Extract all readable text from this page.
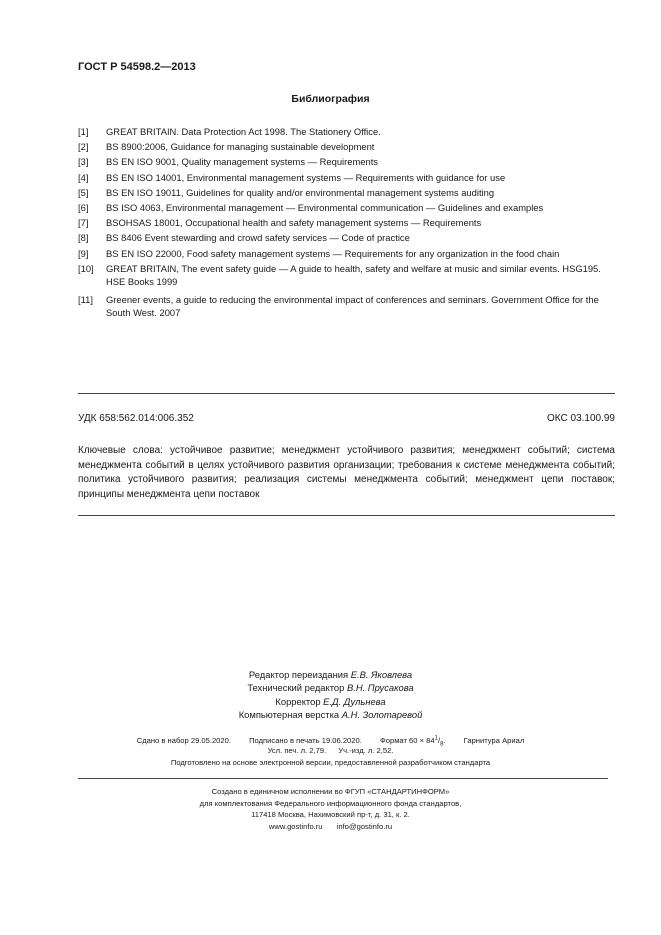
ГОСТ Р 54598.2—2013
Библиография
[1]	GREAT BRITAIN. Data Protection Act 1998. The Stationery Office.
[2]	BS 8900:2006, Guidance for managing sustainable development
[3]	BS EN ISO 9001, Quality management systems — Requirements
[4]	BS EN ISO 14001, Environmental management systems — Requirements with guidance for use
[5]	BS EN ISO 19011, Guidelines for quality and/or environmental management systems auditing
[6]	BS ISO 4063, Environmental management — Environmental communication — Guidelines and examples
[7]	BSOHSAS 18001, Occupational health and safety management systems — Requirements
[8]	BS 8406 Event stewarding and crowd safety services — Code of practice
[9]	BS EN ISO 22000, Food safety management systems — Requirements for any organization in the food chain
[10]	GREAT BRITAIN, The event safety guide — A guide to health, safety and welfare at music and similar events. HSG195. HSE Books 1999
[11]	Greener events, a guide to reducing the environmental impact of conferences and seminars. Government Office for the South West. 2007
УДК 658:562.014:006.352	ОКС 03.100.99
Ключевые слова: устойчивое развитие; менеджмент устойчивого развития; менеджмент событий; система менеджмента событий в целях устойчивого развития организации; требования к системе менеджмента событий; политика устойчивого развития; реализация системы менеджмента событий; менеджмент цепи поставок; принципы менеджмента цепи поставок
Редактор переиздания Е.В. Яковлева
Технический редактор В.Н. Прусакова
Корректор Е.Д. Дульнева
Компьютерная верстка А.Н. Золотаревой
Сдано в набор 29.05.2020. Подписано в печать 19.06.2020. Формат $60 \times 84^1/_8$. Гарнитура Ариал
Усл. печ. л. 2,79. Уч.-изд. л. 2,52.
Подготовлено на основе электронной версии, предоставленной разработчиком стандарта
Создано в единичном исполнении во ФГУП «СТАНДАРТИНФОРМ»
для комплектования Федерального информационного фонда стандартов,
117418 Москва, Нахимовский пр-т, д. 31, к. 2.
www.gostinfo.ru info@gostinfo.ru
